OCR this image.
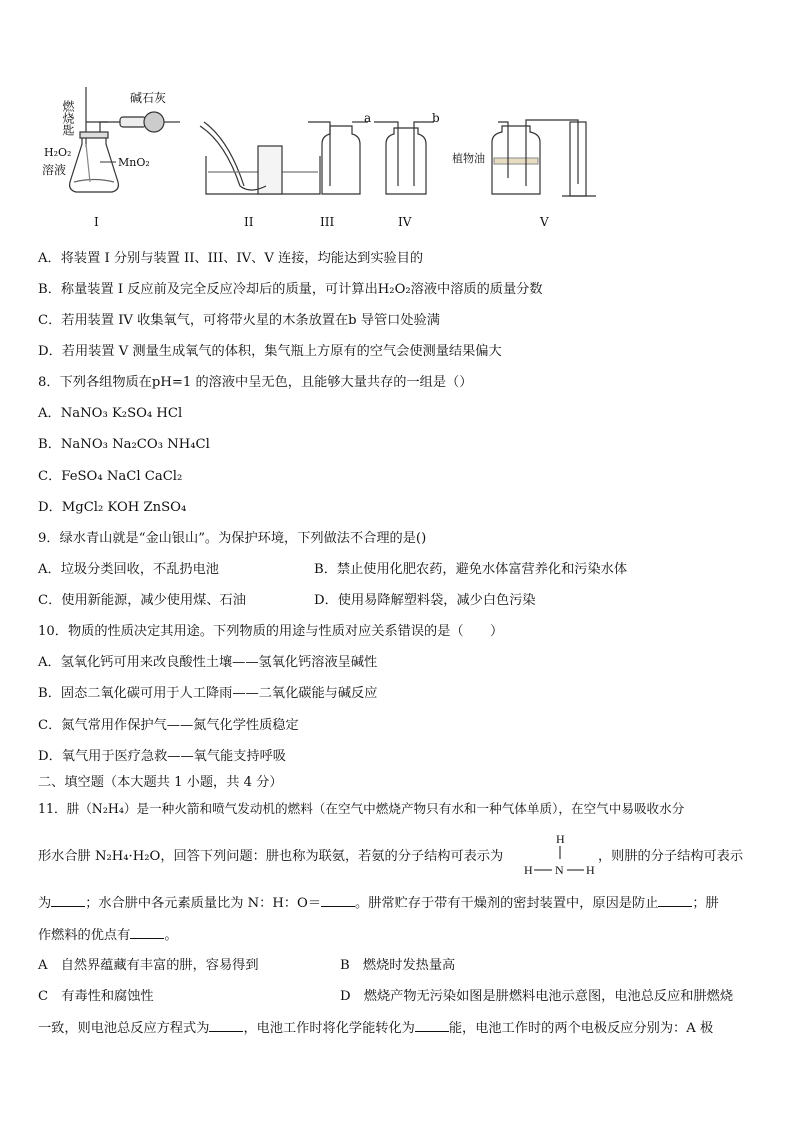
燃烧匙
碱石灰
H₂O₂
溶液
MnO₂
a	b
植物油
I	II	III	IV	V
A．将装置 I 分别与装置 II、III、IV、V 连接，均能达到实验目的
B．称量装置 I 反应前及完全反应冷却后的质量，可计算出H₂O₂溶液中溶质的质量分数
C．若用装置 IV 收集氧气，可将带火星的木条放置在b 导管口处验满
D．若用装置 V 测量生成氧气的体积，集气瓶上方原有的空气会使测量结果偏大
8．下列各组物质在pH=1 的溶液中呈无色，且能够大量共存的一组是（）
A．NaNO₃ K₂SO₄ HCl
B．NaNO₃ Na₂CO₃ NH₄Cl
C．FeSO₄ NaCl CaCl₂
D．MgCl₂ KOH ZnSO₄
9．绿水青山就是“金山银山”。为保护环境，下列做法不合理的是()
A．垃圾分类回收，不乱扔电池	B．禁止使用化肥农药，避免水体富营养化和污染水体
C．使用新能源，减少使用煤、石油	D．使用易降解塑料袋，减少白色污染
10．物质的性质决定其用途。下列物质的用途与性质对应关系错误的是（　　）
A．氢氧化钙可用来改良酸性土壤——氢氧化钙溶液呈碱性
B．固态二氧化碳可用于人工降雨——二氧化碳能与碱反应
C．氮气常用作保护气——氮气化学性质稳定
D．氧气用于医疗急救——氧气能支持呼吸
二、填空题（本大题共 1 小题，共 4 分）
11．肼（N₂H₄）是一种火箭和喷气发动机的燃料（在空气中燃烧产物只有水和一种气体单质），在空气中易吸收水分
形水合肼 N₂H₄·H₂O，回答下列问题：肼也称为联氨，若氨的分子结构可表示为	，则肼的分子结构可表示
H
H N H
为	；水合肼中各元素质量比为 N：H：O＝	。肼常贮存于带有干燥剂的密封装置中，原因是防止	；肼
作燃料的优点有	。
A　自然界蕴藏有丰富的肼，容易得到	B　燃烧时发热量高
C　有毒性和腐蚀性	D　燃烧产物无污染如图是肼燃料电池示意图，电池总反应和肼燃烧
一致，则电池总反应方程式为	，电池工作时将化学能转化为	能，电池工作时的两个电极反应分别为：A 极
